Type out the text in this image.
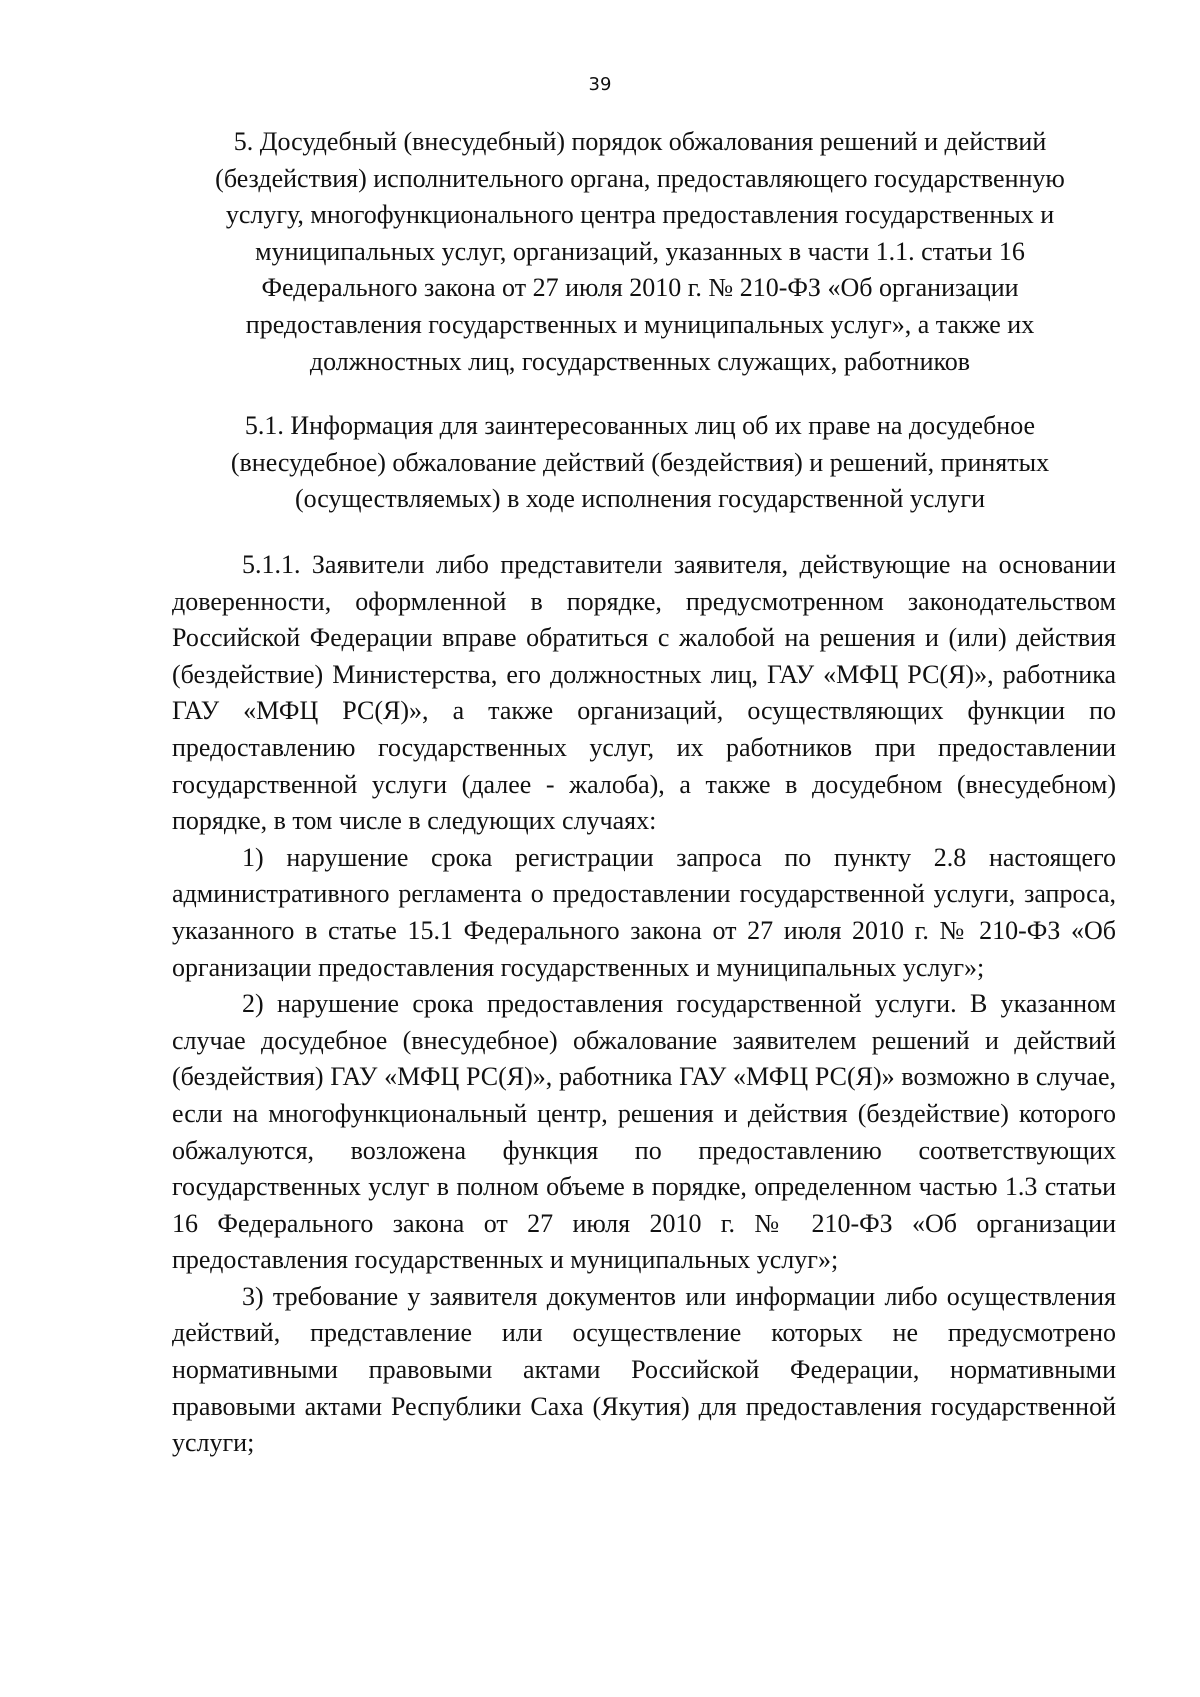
39
5. Досудебный (внесудебный) порядок обжалования решений и действий (бездействия) исполнительного органа, предоставляющего государственную услугу, многофункционального центра предоставления государственных и муниципальных услуг, организаций, указанных в части 1.1. статьи 16 Федерального закона от 27 июля 2010 г. № 210-ФЗ «Об организации предоставления государственных и муниципальных услуг», а также их должностных лиц, государственных служащих, работников
5.1. Информация для заинтересованных лиц об их праве на досудебное (внесудебное) обжалование действий (бездействия) и решений, принятых (осуществляемых) в ходе исполнения государственной услуги

5.1.1. Заявители либо представители заявителя, действующие на основании доверенности, оформленной в порядке, предусмотренном законодательством Российской Федерации вправе обратиться с жалобой на решения и (или) действия (бездействие) Министерства, его должностных лиц, ГАУ «МФЦ РС(Я)», работника ГАУ «МФЦ РС(Я)», а также организаций, осуществляющих функции по предоставлению государственных услуг, их работников при предоставлении государственной услуги (далее - жалоба), а также в досудебном (внесудебном) порядке, в том числе в следующих случаях:

1) нарушение срока регистрации запроса по пункту 2.8 настоящего административного регламента о предоставлении государственной услуги, запроса, указанного в статье 15.1 Федерального закона от 27 июля 2010 г. № 210-ФЗ «Об организации предоставления государственных и муниципальных услуг»;

2) нарушение срока предоставления государственной услуги. В указанном случае досудебное (внесудебное) обжалование заявителем решений и действий (бездействия) ГАУ «МФЦ РС(Я)», работника ГАУ «МФЦ РС(Я)» возможно в случае, если на многофункциональный центр, решения и действия (бездействие) которого обжалуются, возложена функция по предоставлению соответствующих государственных услуг в полном объеме в порядке, определенном частью 1.3 статьи 16 Федерального закона от 27 июля 2010 г. № 210-ФЗ «Об организации предоставления государственных и муниципальных услуг»;

3) требование у заявителя документов или информации либо осуществления действий, представление или осуществление которых не предусмотрено нормативными правовыми актами Российской Федерации, нормативными правовыми актами Республики Саха (Якутия) для предоставления государственной услуги;
